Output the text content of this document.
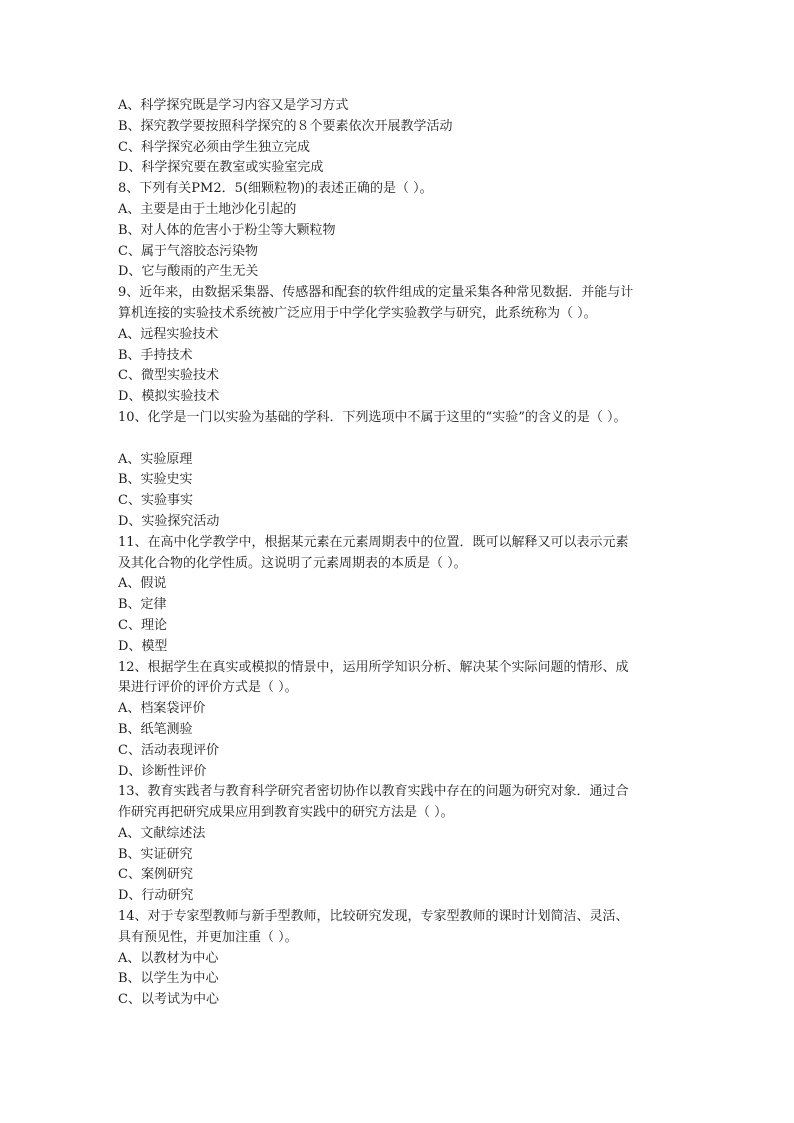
A、科学探究既是学习内容又是学习方式
B、探究教学要按照科学探究的８个要素依次开展教学活动
C、科学探究必须由学生独立完成
D、科学探究要在教室或实验室完成
8、下列有关PM2．5(细颗粒物)的表述正确的是（ ）。
A、主要是由于土地沙化引起的
B、对人体的危害小于粉尘等大颗粒物
C、属于气溶胶态污染物
D、它与酸雨的产生无关
9、近年来，由数据采集器、传感器和配套的软件组成的定量采集各种常见数据．并能与计
算机连接的实验技术系统被广泛应用于中学化学实验教学与研究，此系统称为（ ）。
A、远程实验技术
B、手持技术
C、微型实验技术
D、模拟实验技术
10、化学是一门以实验为基础的学科．下列选项中不属于这里的“实验”的含义的是（ ）。
A、实验原理
B、实验史实
C、实验事实
D、实验探究活动
11、在高中化学教学中，根据某元素在元素周期表中的位置．既可以解释又可以表示元素
及其化合物的化学性质。这说明了元素周期表的本质是（ ）。
A、假说
B、定律
C、理论
D、模型
12、根据学生在真实或模拟的情景中，运用所学知识分析、解决某个实际问题的情形、成
果进行评价的评价方式是（ ）。
A、档案袋评价
B、纸笔测验
C、活动表现评价
D、诊断性评价
13、教育实践者与教育科学研究者密切协作以教育实践中存在的问题为研究对象．通过合
作研究再把研究成果应用到教育实践中的研究方法是（ ）。
A、文献综述法
B、实证研究
C、案例研究
D、行动研究
14、对于专家型教师与新手型教师，比较研究发现，专家型教师的课时计划简洁、灵活、
具有预见性，并更加注重（ ）。
A、以教材为中心
B、以学生为中心
C、以考试为中心
